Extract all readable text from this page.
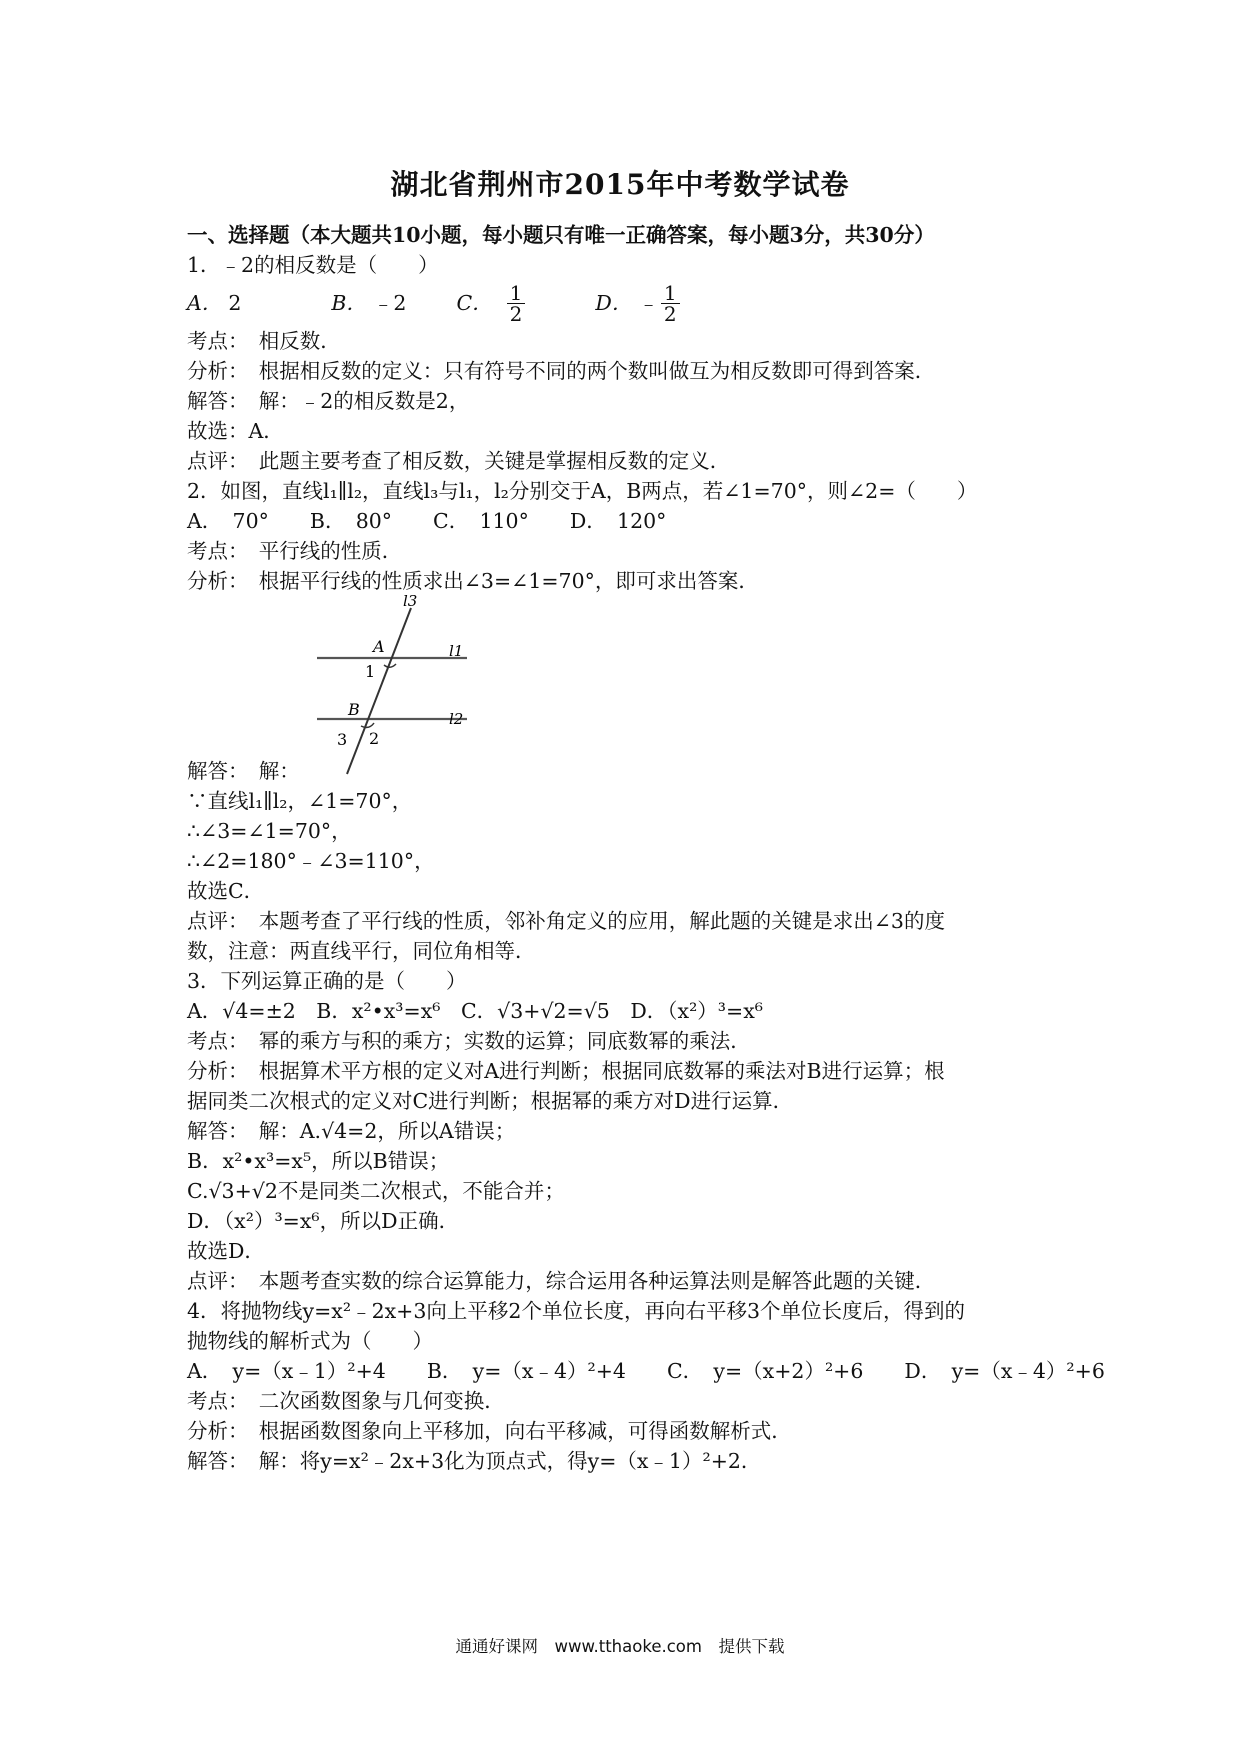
湖北省荆州市2015年中考数学试卷
一、选择题（本大题共10小题，每小题只有唯一正确答案，每小题3分，共30分）
1．﹣2的相反数是（　　）
A． 2	B． ﹣2 C． $\frac{1}{2}$	D． ﹣ $\frac{1}{2}$
考点：　相反数．
分析：　根据相反数的定义：只有符号不同的两个数叫做互为相反数即可得到答案．
解答：　解：﹣2的相反数是2，
故选：A．
点评：　此题主要考查了相反数，关键是掌握相反数的定义．
2．如图，直线l₁∥l₂，直线l₃与l₁，l₂分别交于A，B两点，若∠1=70°，则∠2=（　　）
A．　70°　　B．　80°　　C．　110°　　D．　120°
考点：　平行线的性质．
分析：　根据平行线的性质求出∠3=∠1=70°，即可求出答案．
l3
l1
l2
A
B
1
2
3
解答：　解：
∵直线l₁∥l₂，∠1=70°，
∴∠3=∠1=70°，
∴∠2=180°﹣∠3=110°，
故选C．
点评：　本题考查了平行线的性质，邻补角定义的应用，解此题的关键是求出∠3的度
数，注意：两直线平行，同位角相等．
3．下列运算正确的是（　　）
A．√4=±2　B．x²•x³=x⁶　C．√3+√2=√5　D．（x²）³=x⁶
考点：　幂的乘方与积的乘方；实数的运算；同底数幂的乘法．
分析：　根据算术平方根的定义对A进行判断；根据同底数幂的乘法对B进行运算；根
据同类二次根式的定义对C进行判断；根据幂的乘方对D进行运算．
解答：　解：A.√4=2，所以A错误；
B．x²•x³=x⁵，所以B错误；
C.√3+√2不是同类二次根式，不能合并；
D．（x²）³=x⁶，所以D正确．
故选D．
点评：　本题考查实数的综合运算能力，综合运用各种运算法则是解答此题的关键．
4．将抛物线y=x²﹣2x+3向上平移2个单位长度，再向右平移3个单位长度后，得到的
抛物线的解析式为（　　）
A．　y=（x﹣1）²+4　　B．　y=（x﹣4）²+4　　C．　y=（x+2）²+6　　D．　y=（x﹣4）²+6
考点：　二次函数图象与几何变换．
分析：　根据函数图象向上平移加，向右平移减，可得函数解析式．
解答：　解：将y=x²﹣2x+3化为顶点式，得y=（x﹣1）²+2．
通通好课网　www.tthaoke.com　提供下载
